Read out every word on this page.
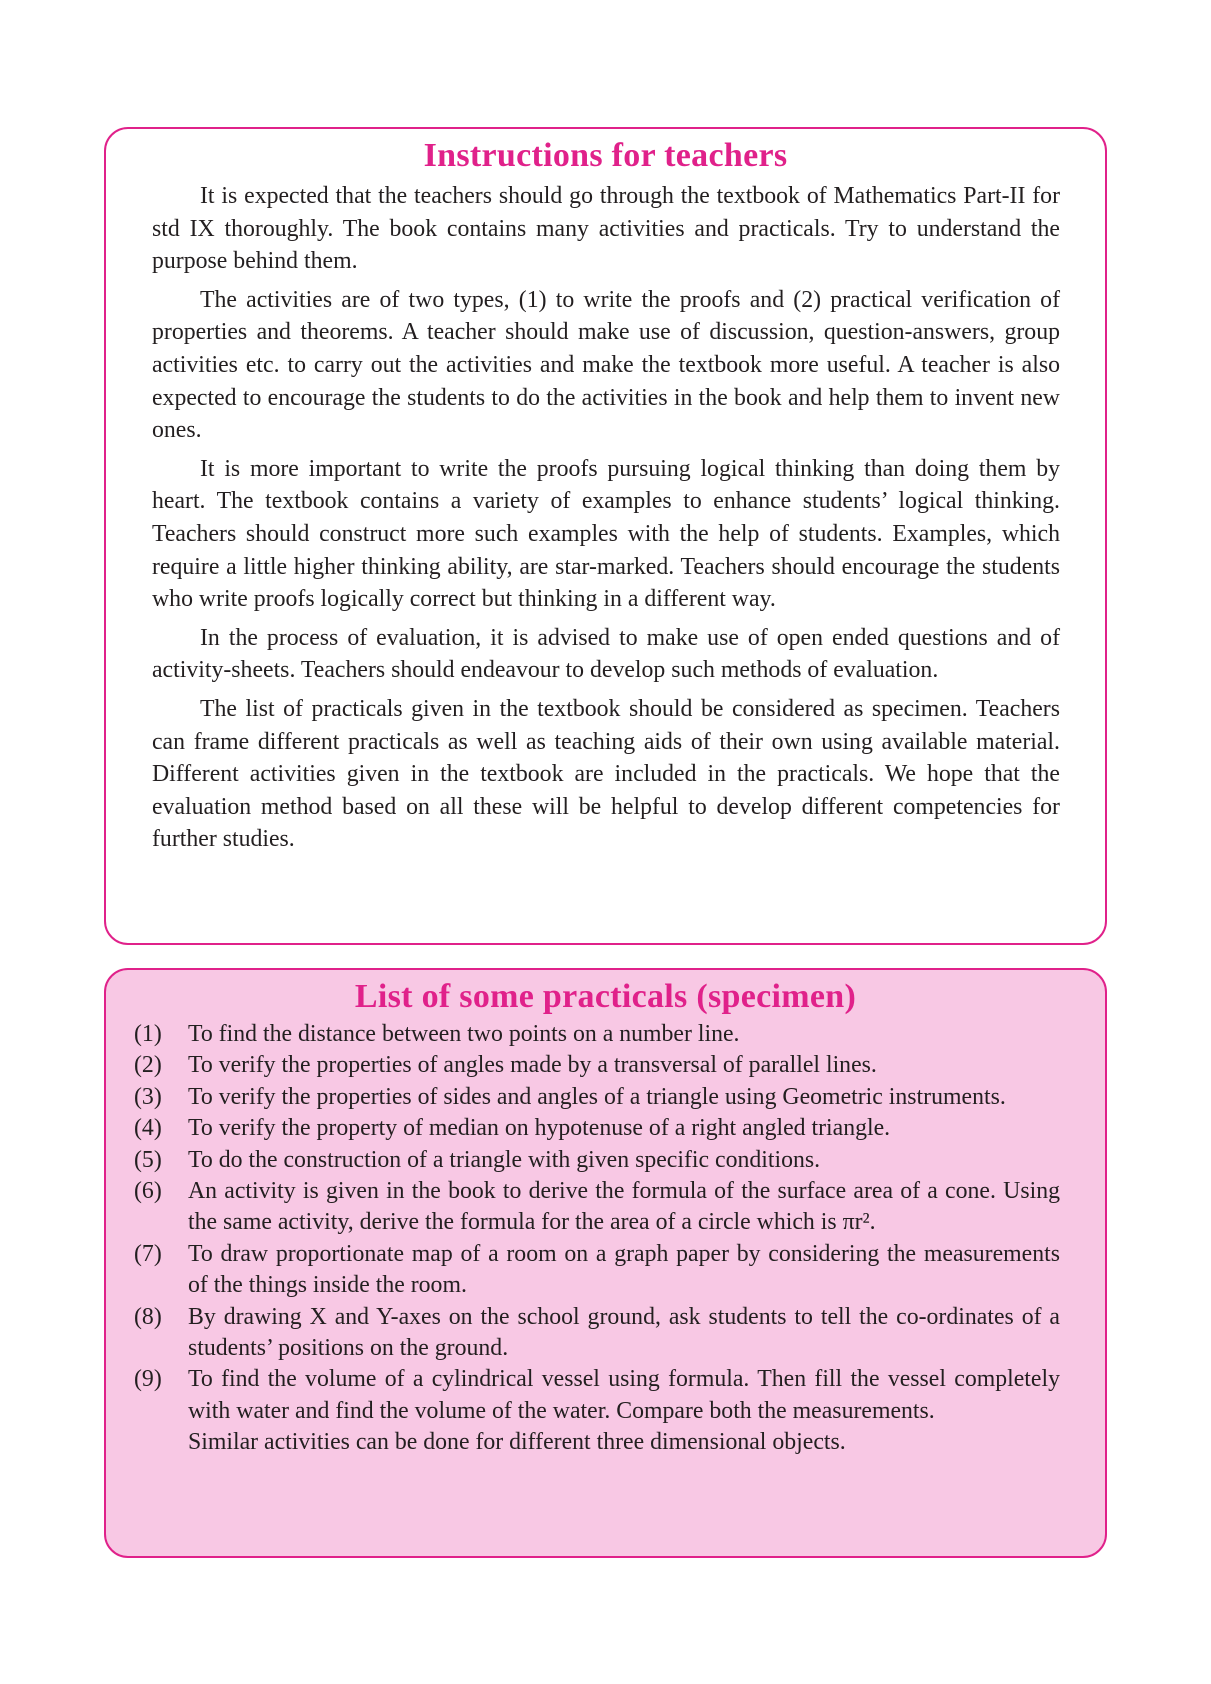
Instructions for teachers

It is expected that the teachers should go through the textbook of Mathematics Part-II for std IX thoroughly. The book contains many activities and practicals. Try to understand the purpose behind them.

The activities are of two types, (1) to write the proofs and (2) practical verification of properties and theorems. A teacher should make use of discussion, question-answers, group activities etc. to carry out the activities and make the textbook more useful. A teacher is also expected to encourage the students to do the activities in the book and help them to invent new ones.

It is more important to write the proofs pursuing logical thinking than doing them by heart. The textbook contains a variety of examples to enhance students’ logical thinking. Teachers should construct more such examples with the help of students. Examples, which require a little higher thinking ability, are star-marked. Teachers should encourage the students who write proofs logically correct but thinking in a different way.

In the process of evaluation, it is advised to make use of open ended questions and of activity-sheets. Teachers should endeavour to develop such methods of evaluation.

The list of practicals given in the textbook should be considered as specimen. Teachers can frame different practicals as well as teaching aids of their own using available material. Different activities given in the textbook are included in the practicals. We hope that the evaluation method based on all these will be helpful to develop different competencies for further studies.

List of some practicals (specimen)
(1)	To find the distance between two points on a number line.
(2)	To verify the properties of angles made by a transversal of parallel lines.
(3)	To verify the properties of sides and angles of a triangle using Geometric instruments.
(4)	To verify the property of median on hypotenuse of a right angled triangle.
(5)	To do the construction of a triangle with given specific conditions.
(6)	An activity is given in the book to derive the formula of the surface area of a cone. Using the same activity, derive the formula for the area of a circle which is πr².
(7)	To draw proportionate map of a room on a graph paper by considering the measurements of the things inside the room.
(8)	By drawing X and Y-axes on the school ground, ask students to tell the co-ordinates of a students’ positions on the ground.
(9)	To find the volume of a cylindrical vessel using formula. Then fill the vessel completely with water and find the volume of the water. Compare both the measurements.

Similar activities can be done for different three dimensional objects.
